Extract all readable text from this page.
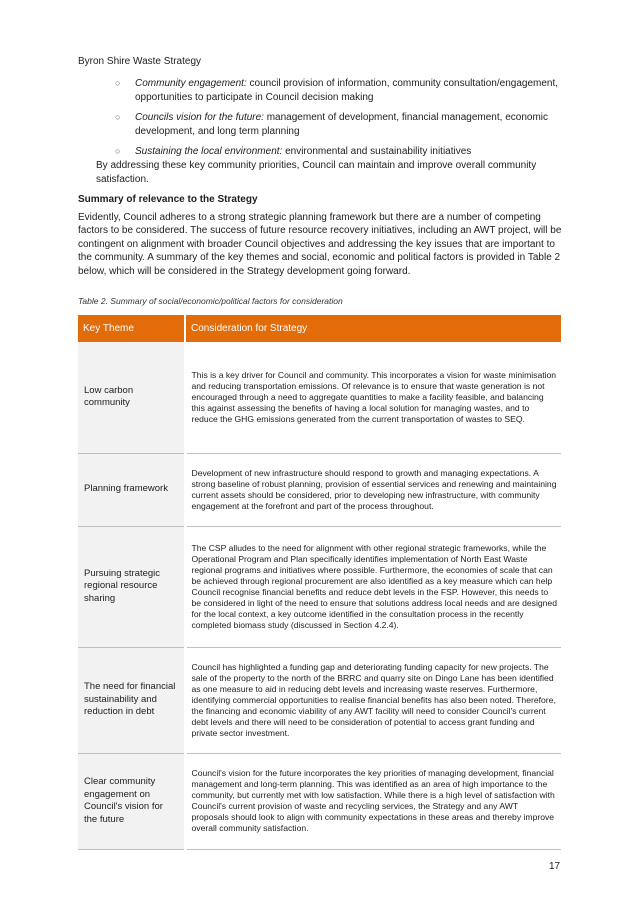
Byron Shire Waste Strategy
○ Community engagement: council provision of information, community consultation/engagement, opportunities to participate in Council decision making
○ Councils vision for the future: management of development, financial management, economic development, and long term planning
○ Sustaining the local environment: environmental and sustainability initiatives
By addressing these key community priorities, Council can maintain and improve overall community satisfaction.
Summary of relevance to the Strategy
Evidently, Council adheres to a strong strategic planning framework but there are a number of competing factors to be considered. The success of future resource recovery initiatives, including an AWT project, will be contingent on alignment with broader Council objectives and addressing the key issues that are important to the community. A summary of the key themes and social, economic and political factors is provided in Table 2 below, which will be considered in the Strategy development going forward.
Table 2. Summary of social/economic/political factors for consideration
Key Theme	Consideration for Strategy
Low carbon community	This is a key driver for Council and community. This incorporates a vision for waste minimisation and reducing transportation emissions. Of relevance is to ensure that waste generation is not encouraged through a need to aggregate quantities to make a facility feasible, and balancing this against assessing the benefits of having a local solution for managing wastes, and to reduce the GHG emissions generated from the current transportation of wastes to SEQ.
Planning framework	Development of new infrastructure should respond to growth and managing expectations. A strong baseline of robust planning, provision of essential services and renewing and maintaining current assets should be considered, prior to developing new infrastructure, with community engagement at the forefront and part of the process throughout.
Pursuing strategic regional resource sharing	The CSP alludes to the need for alignment with other regional strategic frameworks, while the Operational Program and Plan specifically identifies implementation of North East Waste regional programs and initiatives where possible. Furthermore, the economies of scale that can be achieved through regional procurement are also identified as a key measure which can help Council recognise financial benefits and reduce debt levels in the FSP. However, this needs to be considered in light of the need to ensure that solutions address local needs and are designed for the local context, a key outcome identified in the consultation process in the recently completed biomass study (discussed in Section 4.2.4).
The need for financial sustainability and reduction in debt	Council has highlighted a funding gap and deteriorating funding capacity for new projects. The sale of the property to the north of the BRRC and quarry site on Dingo Lane has been identified as one measure to aid in reducing debt levels and increasing waste reserves. Furthermore, identifying commercial opportunities to realise financial benefits has also been noted. Therefore, the financing and economic viability of any AWT facility will need to consider Council's current debt levels and there will need to be consideration of potential to access grant funding and private sector investment.
Clear community engagement on Council's vision for the future	Council's vision for the future incorporates the key priorities of managing development, financial management and long-term planning. This was identified as an area of high importance to the community, but currently met with low satisfaction. While there is a high level of satisfaction with Council's current provision of waste and recycling services, the Strategy and any AWT proposals should look to align with community expectations in these areas and thereby improve overall community satisfaction.
17
